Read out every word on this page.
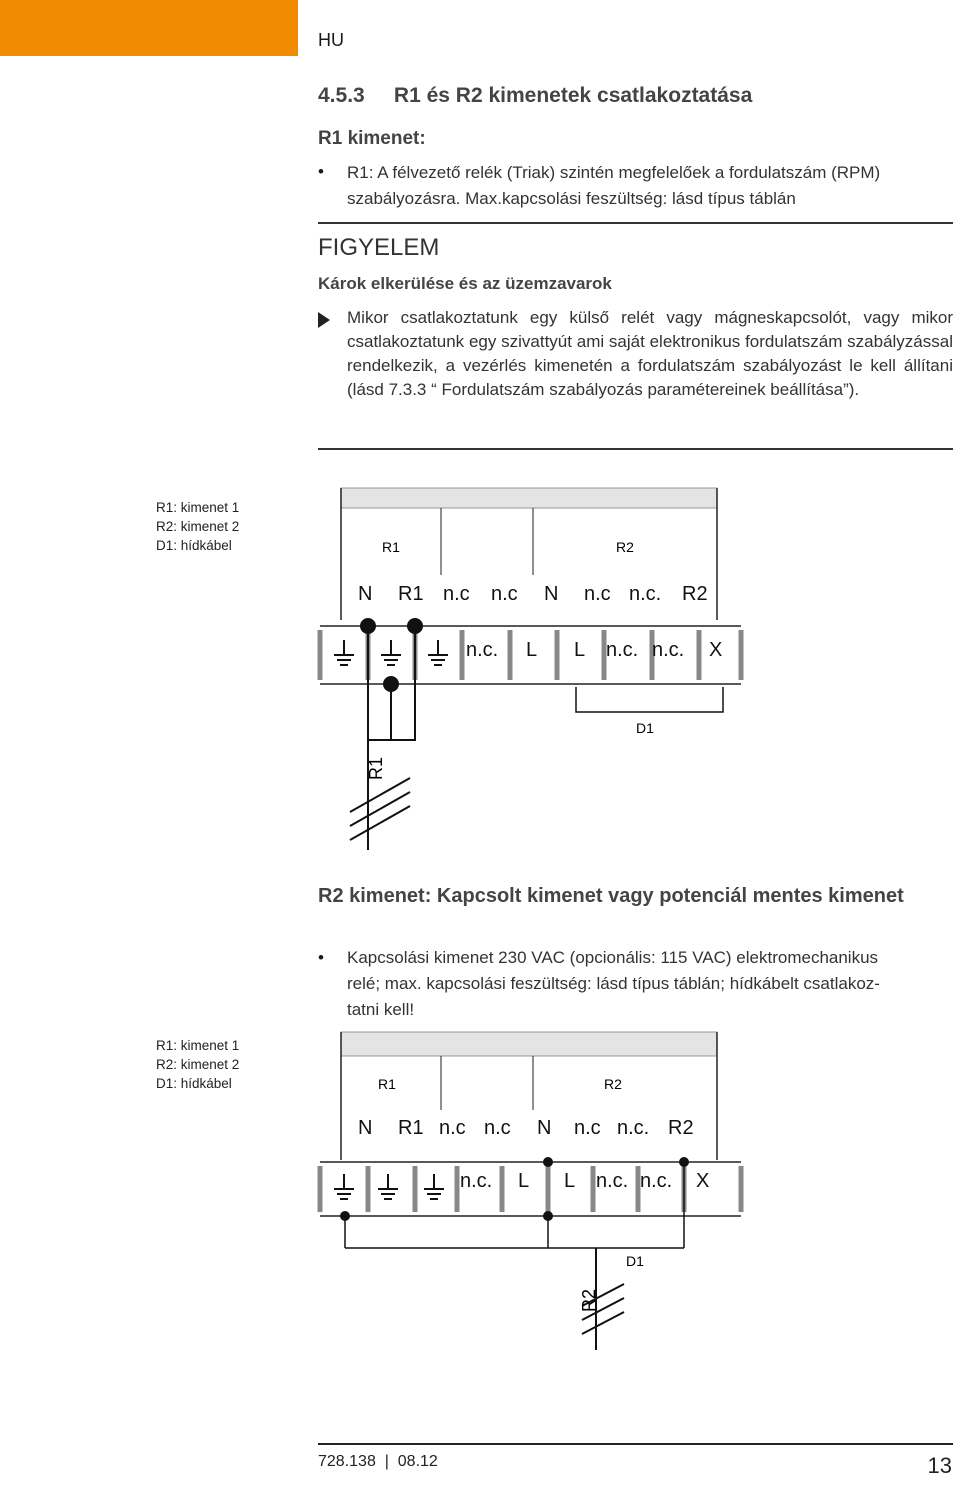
HU
4.5.3 R1 és R2 kimenetek csatlakoztatása
R1 kimenet:
• R1: A félvezető relék (Triak) szintén megfelelőek a fordulatszám (RPM)
szabályozásra. Max.kapcsolási feszültség: lásd típus táblán
FIGYELEM
Károk elkerülése és az üzemzavarok
Mikor csatlakoztatunk egy külső relét vagy mágneskapcsolót, vagy mikor csatlakoztatunk egy szivattyút ami saját elektronikus fordulatszám szabályzással rendelkezik, a vezérlés kimenetén a fordulatszám szabályozást le kell állítani (lásd 7.3.3 “ Fordulatszám szabályozás paramétereinek beállítása”).
R1: kimenet 1
R2: kimenet 2
D1: hídkábel	R1	R2
N R1 n.c n.c N n.c n.c. R2
n.c. L L n.c. n.c. X
R1
D1
R2 kimenet: Kapcsolt kimenet vagy potenciál mentes kimenet
• Kapcsolási kimenet 230 VAC (opcionális: 115 VAC) elektromechanikus
relé; max. kapcsolási feszültség: lásd típus táblán; hídkábelt csatlakoz-
tatni kell!
R1: kimenet 1
R2: kimenet 2
D1: hídkábel	R1	R2
N R1 n.c n.c N n.c n.c. R2
n.c. L L n.c. n.c. X
D1
R2
728.138  |  08.12	13
